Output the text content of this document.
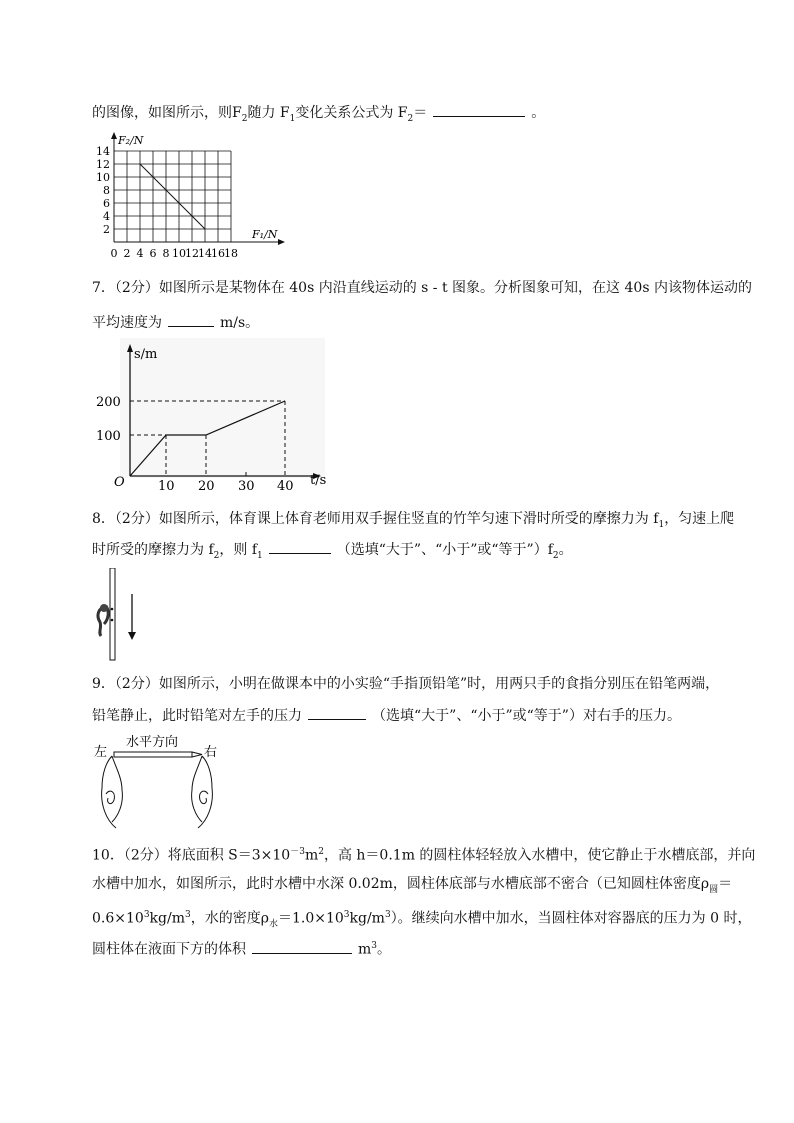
的图像，如图所示，则$F_2$随力 $F_1$变化关系公式为 $F_2=$	。
F₂/N
F₁/N
14
12
10
8
6
4
2
0 2 4 6 8 10 12 14 16 18
7．（2分）如图所示是某物体在 40s 内沿直线运动的 s - t 图象。分析图象可知，在这 40s 内该物体运动的
平均速度为	m/s。
s/m
t/s
O
200
100
10 20 30 40
8．（2分）如图所示，体育课上体育老师用双手握住竖直的竹竿匀速下滑时所受的摩擦力为 $f_1$，匀速上爬
时所受的摩擦力为 $f_2$，则 $f_1$	（选填“大于”、“小于”或“等于$”)f_2$。
9．（2分）如图所示，小明在做课本中的小实验“手指顶铅笔”时，用两只手的食指分别压在铅笔两端，
铅笔静止，此时铅笔对左手的压力	（选填“大于”、“小于”或“等于”）对右手的压力。
左	右
水平方向
10．（2分）将底面积 $S=3\times 10^{-3}m^2$，高 h＝0.1m 的圆柱体轻轻放入水槽中，使它静止于水槽底部，并向
水槽中加水，如图所示，此时水槽中水深 0.02m，圆柱体底部与水槽底部不密合（已知圆柱体密度$\rho_圆=$
$0.6\times 10^3kg/m^3$，水的密度$\rho_水=1.0\times 10^3kg/m^3$）。继续向水槽中加水，当圆柱体对容器底的压力为 0 时，
圆柱体在液面下方的体积	$m^3$。
